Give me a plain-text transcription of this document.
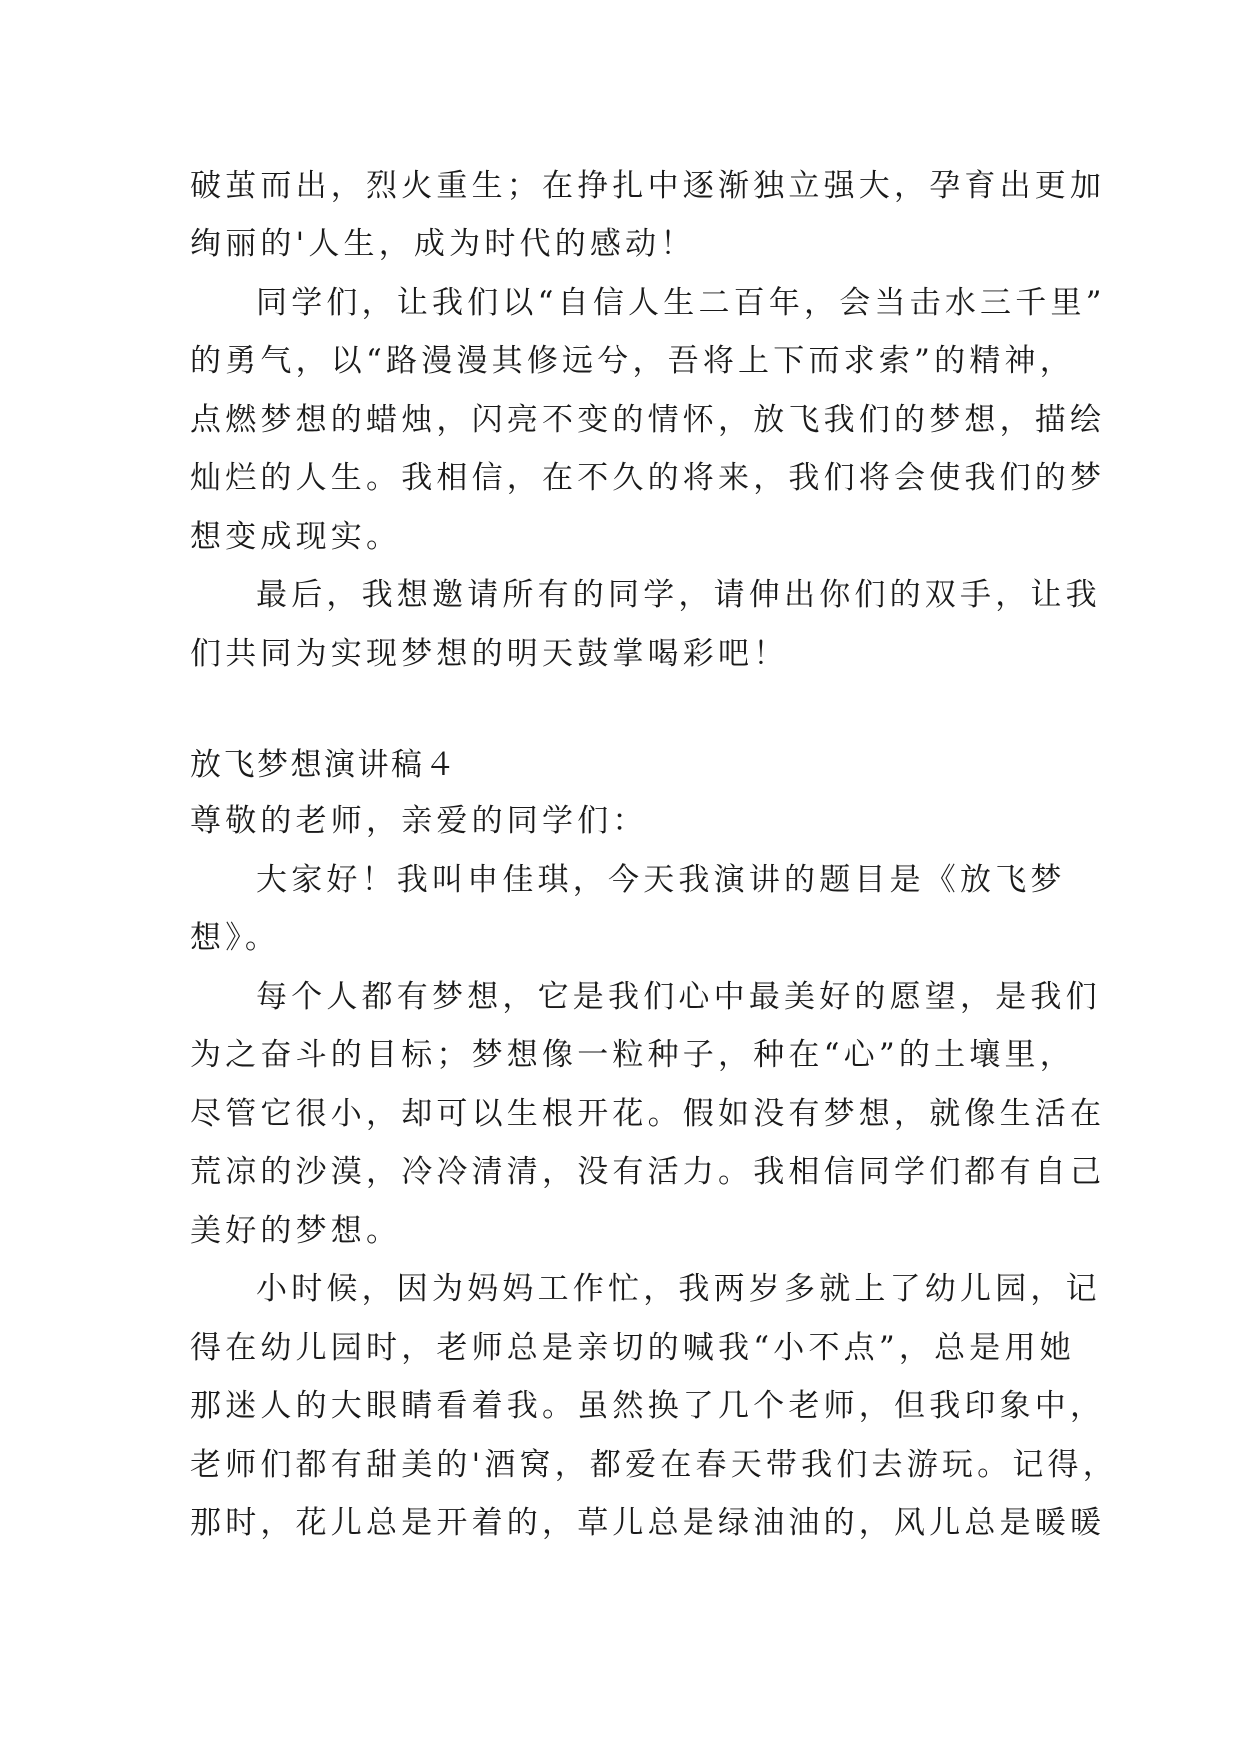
破茧而出，烈火重生；在挣扎中逐渐独立强大，孕育出更加
绚丽的'人生，成为时代的感动！
同学们，让我们以“自信人生二百年，会当击水三千里”
的勇气，以“路漫漫其修远兮，吾将上下而求索”的精神，
点燃梦想的蜡烛，闪亮不变的情怀，放飞我们的梦想，描绘
灿烂的人生。我相信，在不久的将来，我们将会使我们的梦
想变成现实。
最后，我想邀请所有的同学，请伸出你们的双手，让我
们共同为实现梦想的明天鼓掌喝彩吧！
放飞梦想演讲稿４
尊敬的老师，亲爱的同学们：
大家好！我叫申佳琪，今天我演讲的题目是《放飞梦
想》。
每个人都有梦想，它是我们心中最美好的愿望，是我们
为之奋斗的目标；梦想像一粒种子，种在“心”的土壤里，
尽管它很小，却可以生根开花。假如没有梦想，就像生活在
荒凉的沙漠，冷冷清清，没有活力。我相信同学们都有自己
美好的梦想。
小时候，因为妈妈工作忙，我两岁多就上了幼儿园，记
得在幼儿园时，老师总是亲切的喊我“小不点”，总是用她
那迷人的大眼睛看着我。虽然换了几个老师，但我印象中，
老师们都有甜美的'酒窝，都爱在春天带我们去游玩。记得，
那时，花儿总是开着的，草儿总是绿油油的，风儿总是暖暖
